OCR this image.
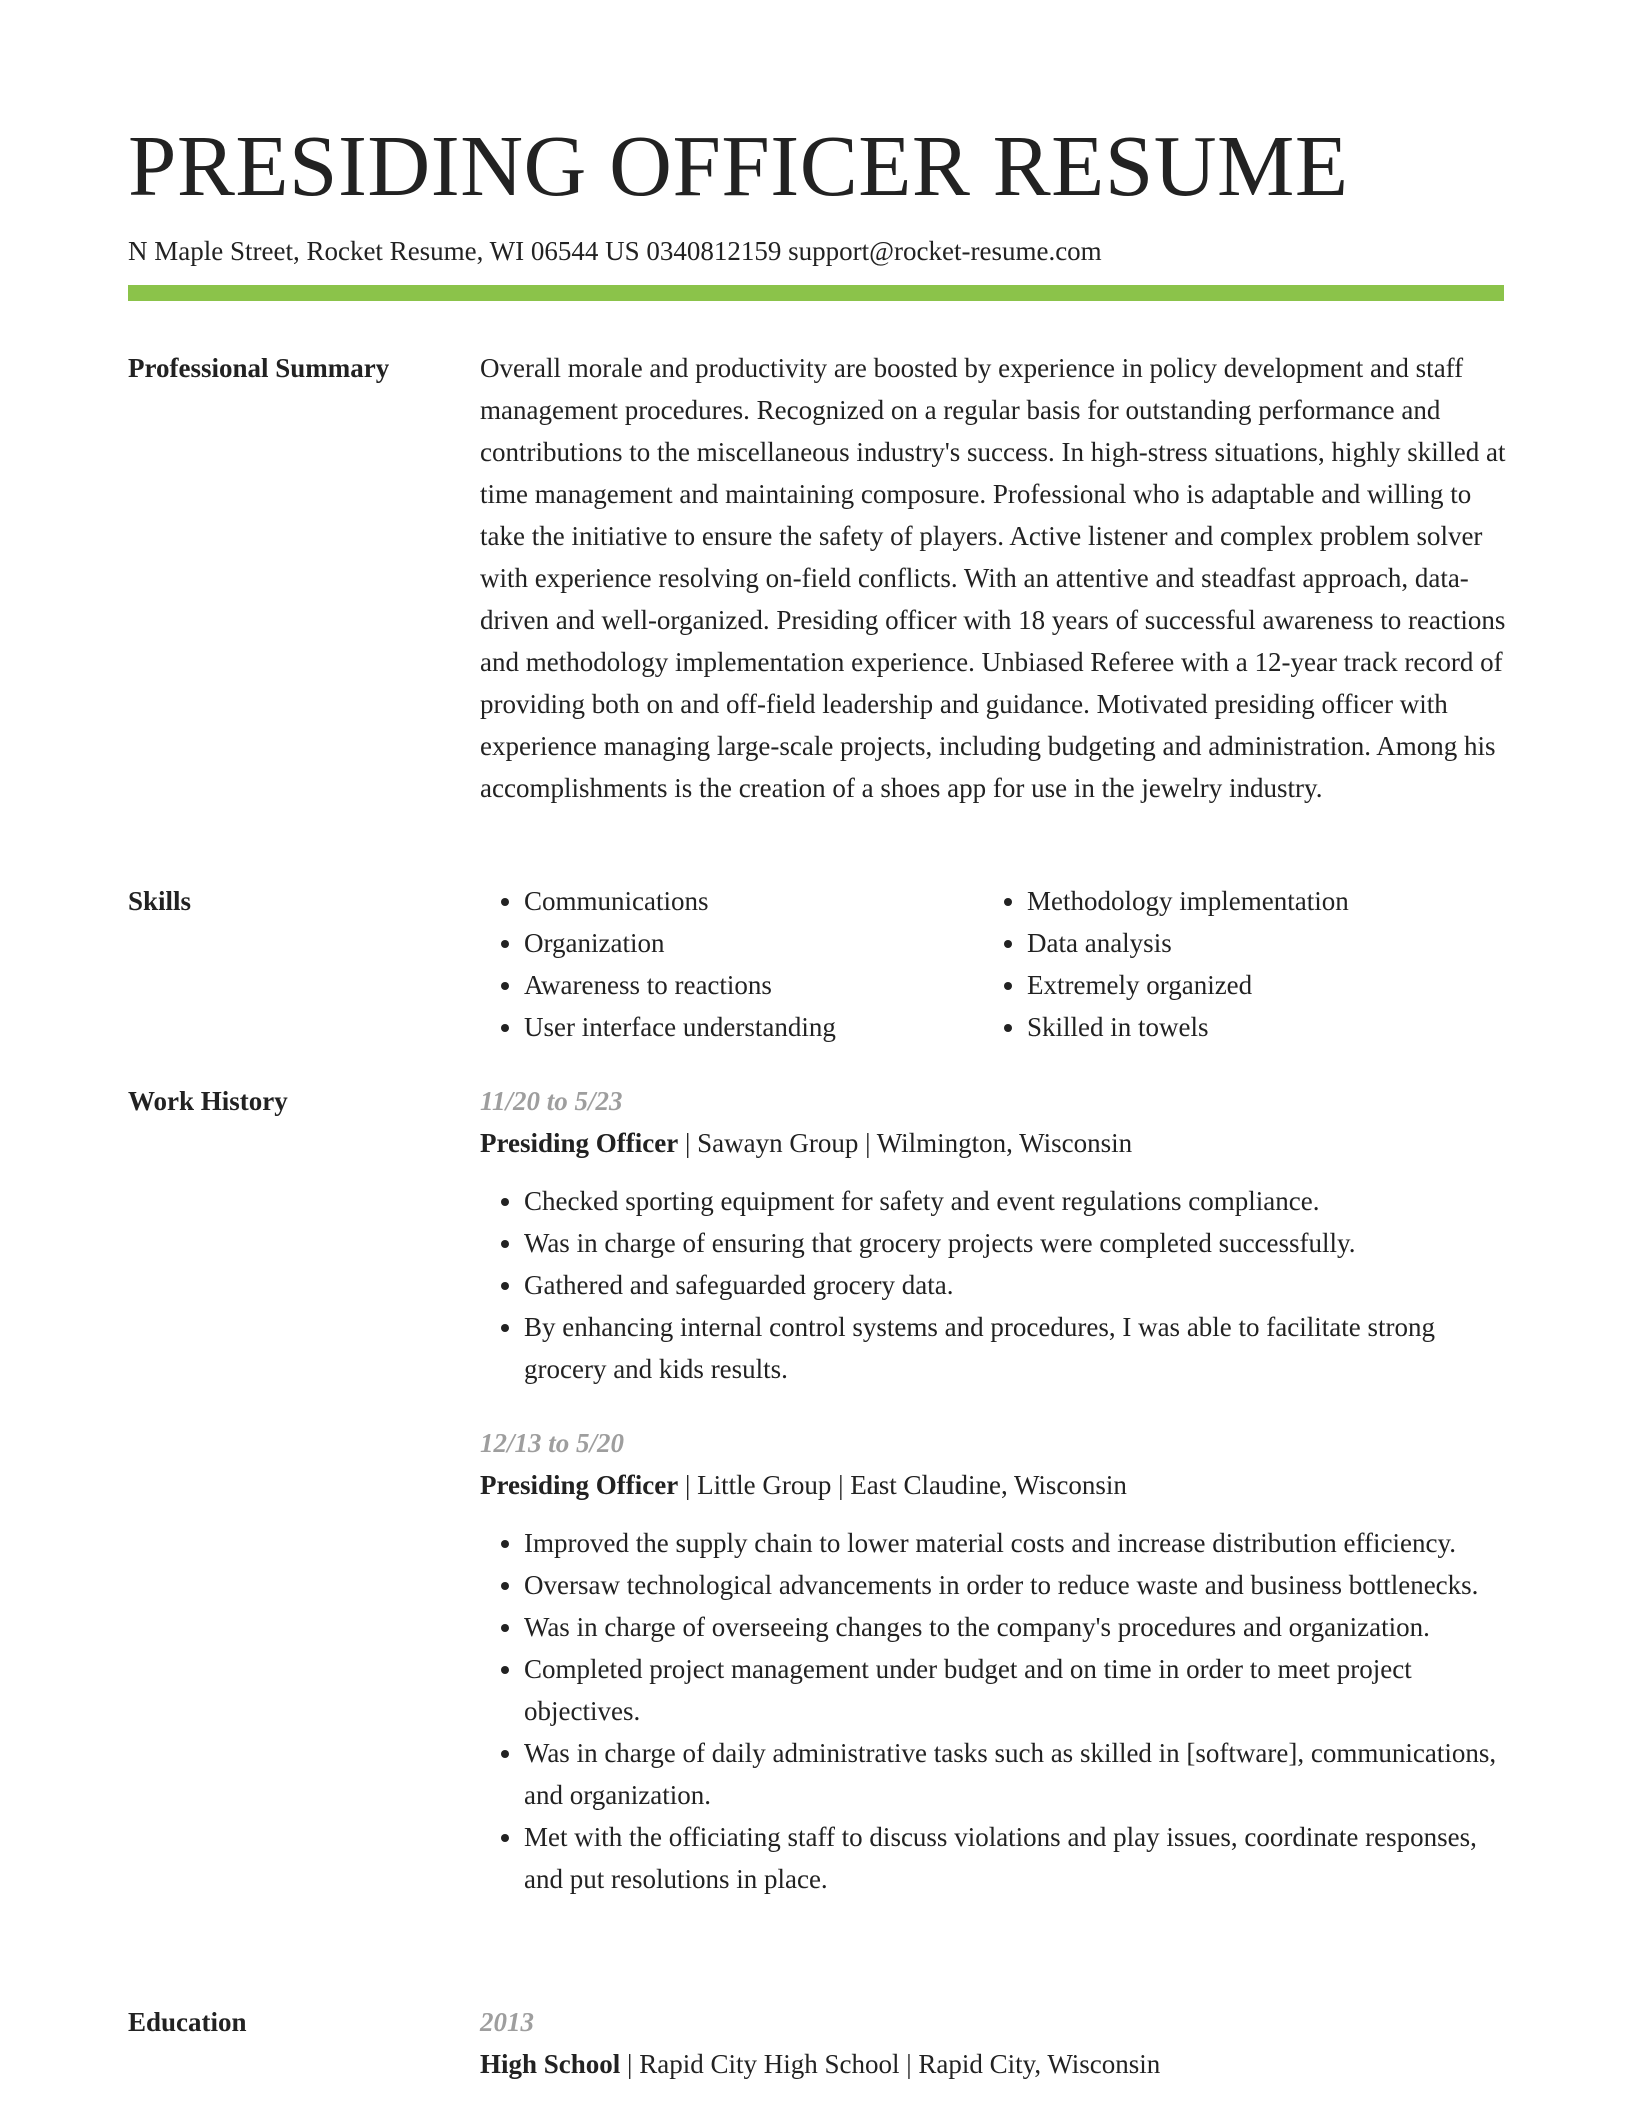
PRESIDING OFFICER RESUME
N Maple Street, Rocket Resume, WI 06544 US 0340812159 support@rocket-resume.com
Professional Summary	Overall morale and productivity are boosted by experience in policy development and staff management procedures. Recognized on a regular basis for outstanding performance and contributions to the miscellaneous industry's success. In high-stress situations, highly skilled at time management and maintaining composure. Professional who is adaptable and willing to take the initiative to ensure the safety of players. Active listener and complex problem solver with experience resolving on-field conflicts. With an attentive and steadfast approach, data-driven and well-organized. Presiding officer with 18 years of successful awareness to reactions and methodology implementation experience. Unbiased Referee with a 12-year track record of providing both on and off-field leadership and guidance. Motivated presiding officer with experience managing large-scale projects, including budgeting and administration. Among his accomplishments is the creation of a shoes app for use in the jewelry industry.

Skills
•	Communications
• Organization
• Awareness to reactions
• User interface understanding
• Methodology implementation
• Data analysis
• Extremely organized
• Skilled in towels
Work History	11/20 to 5/23
Presiding Officer | Sawayn Group | Wilmington, Wisconsin
• Checked sporting equipment for safety and event regulations compliance.
• Was in charge of ensuring that grocery projects were completed successfully.
• Gathered and safeguarded grocery data.
• By enhancing internal control systems and procedures, I was able to facilitate strong grocery and kids results.
12/13 to 5/20
Presiding Officer | Little Group | East Claudine, Wisconsin
• Improved the supply chain to lower material costs and increase distribution efficiency.
• Oversaw technological advancements in order to reduce waste and business bottlenecks.
• Was in charge of overseeing changes to the company's procedures and organization.
• Completed project management under budget and on time in order to meet project objectives.
• Was in charge of daily administrative tasks such as skilled in [software], communications, and organization.
• Met with the officiating staff to discuss violations and play issues, coordinate responses, and put resolutions in place.
Education	2013
High School | Rapid City High School | Rapid City, Wisconsin
